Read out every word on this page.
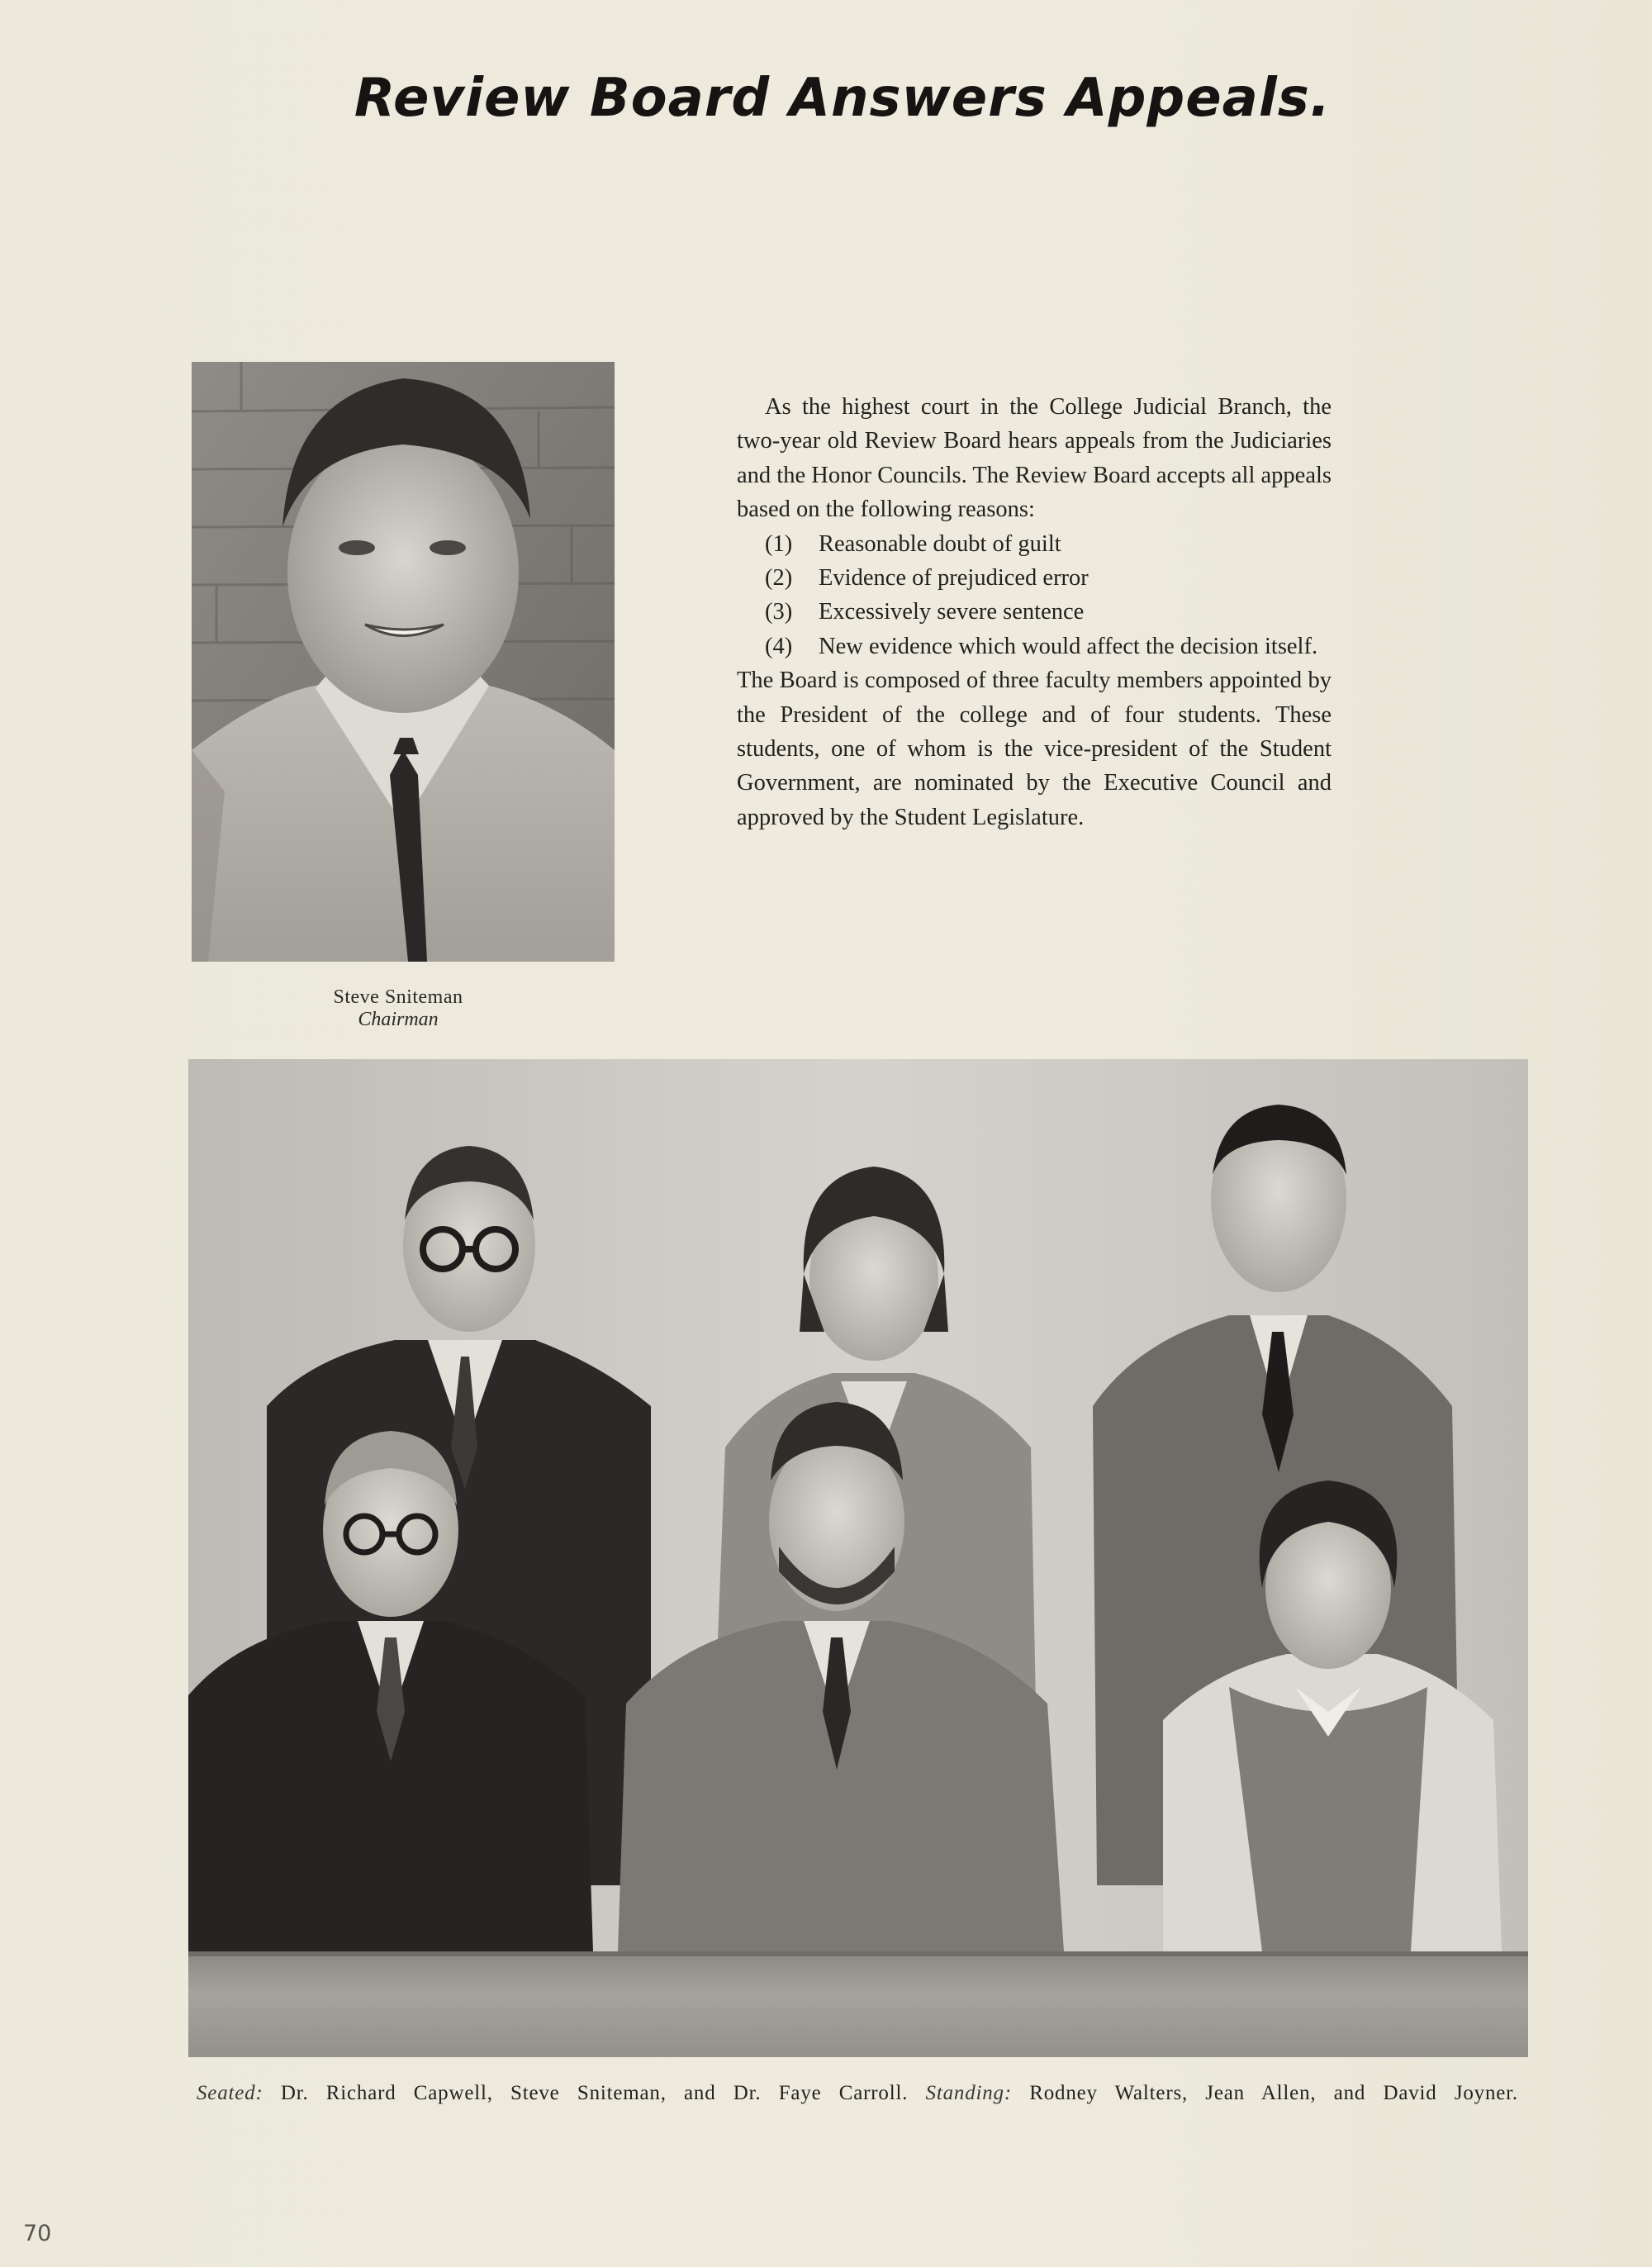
Review Board Answers Appeals.
Steve Sniteman
Chairman

As the highest court in the College Judicial Branch, the two-year old Review Board hears appeals from the Judiciaries and the Honor Councils. The Review Board accepts all appeals based on the following reasons:

(1)	Reasonable doubt of guilt
(2)	Evidence of prejudiced error
(3)	Excessively severe sentence
(4)	New evidence which would affect the decision itself.

The Board is composed of three faculty members appointed by the President of the college and of four students. These students, one of whom is the vice-president of the Student Government, are nominated by the Executive Council and approved by the Student Legislature.

Seated: Dr. Richard Capwell, Steve Sniteman, and Dr. Faye Carroll. Standing: Rodney Walters, Jean Allen, and David Joyner.
70
